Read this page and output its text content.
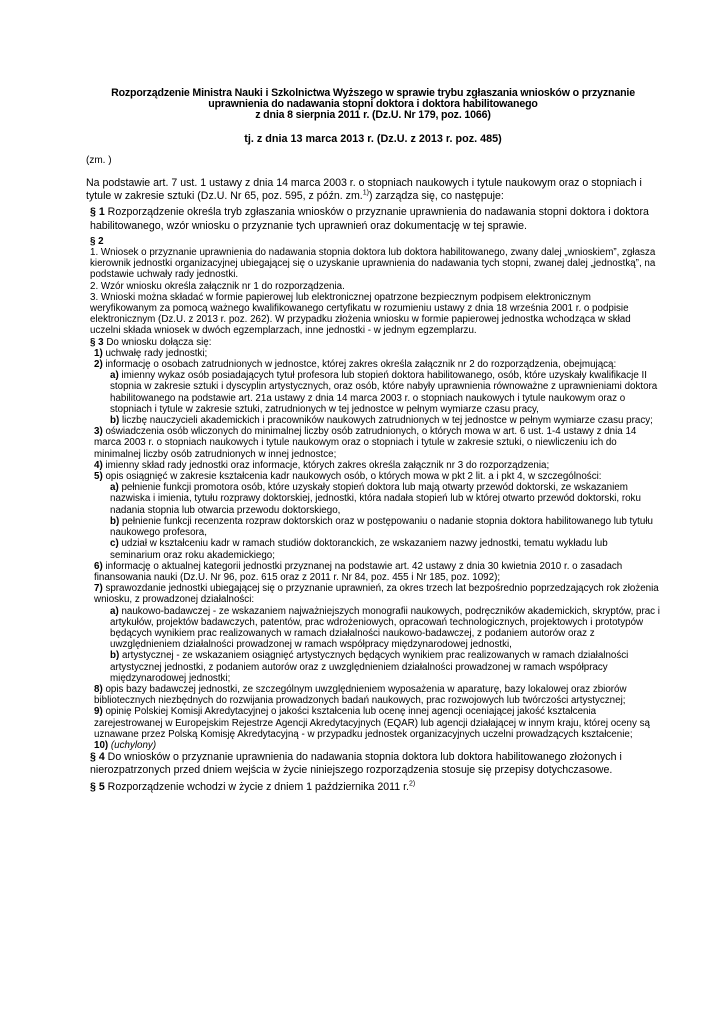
Rozporządzenie Ministra Nauki i Szkolnictwa Wyższego w sprawie trybu zgłaszania wniosków o przyznanie
uprawnienia do nadawania stopni doktora i doktora habilitowanego
z dnia 8 sierpnia 2011 r. (Dz.U. Nr 179, poz. 1066)
tj. z dnia 13 marca 2013 r. (Dz.U. z 2013 r. poz. 485)
(zm. )
Na podstawie art. 7 ust. 1 ustawy z dnia 14 marca 2003 r. o stopniach naukowych i tytule naukowym oraz o stopniach i tytule w zakresie sztuki (Dz.U. Nr 65, poz. 595, z późn. zm.$^{1)}$) zarządza się, co następuje:
§ 1 Rozporządzenie określa tryb zgłaszania wniosków o przyznanie uprawnienia do nadawania stopni doktora i doktora habilitowanego, wzór wniosku o przyznanie tych uprawnień oraz dokumentację w tej sprawie.
§ 2
1. Wniosek o przyznanie uprawnienia do nadawania stopnia doktora lub doktora habilitowanego, zwany dalej „wnioskiem”, zgłasza kierownik jednostki organizacyjnej ubiegającej się o uzyskanie uprawnienia do nadawania tych stopni, zwanej dalej „jednostką”, na podstawie uchwały rady jednostki.
2. Wzór wniosku określa załącznik nr 1 do rozporządzenia.
3. Wnioski można składać w formie papierowej lub elektronicznej opatrzone bezpiecznym podpisem elektronicznym weryfikowanym za pomocą ważnego kwalifikowanego certyfikatu w rozumieniu ustawy z dnia 18 września 2001 r. o podpisie elektronicznym (Dz.U. z 2013 r. poz. 262). W przypadku złożenia wniosku w formie papierowej jednostka wchodząca w skład uczelni składa wniosek w dwóch egzemplarzach, inne jednostki - w jednym egzemplarzu.
§ 3 Do wniosku dołącza się:
1) uchwałę rady jednostki;
2) informację o osobach zatrudnionych w jednostce, której zakres określa załącznik nr 2 do rozporządzenia, obejmującą:
a) imienny wykaz osób posiadających tytuł profesora lub stopień doktora habilitowanego, osób, które uzyskały kwalifikacje II stopnia w zakresie sztuki i dyscyplin artystycznych, oraz osób, które nabyły uprawnienia równoważne z uprawnieniami doktora habilitowanego na podstawie art. 21a ustawy z dnia 14 marca 2003 r. o stopniach naukowych i tytule naukowym oraz o stopniach i tytule w zakresie sztuki, zatrudnionych w tej jednostce w pełnym wymiarze czasu pracy,
b) liczbę nauczycieli akademickich i pracowników naukowych zatrudnionych w tej jednostce w pełnym wymiarze czasu pracy;
3) oświadczenia osób wliczonych do minimalnej liczby osób zatrudnionych, o których mowa w art. 6 ust. 1-4 ustawy z dnia 14 marca 2003 r. o stopniach naukowych i tytule naukowym oraz o stopniach i tytule w zakresie sztuki, o niewliczeniu ich do minimalnej liczby osób zatrudnionych w innej jednostce;
4) imienny skład rady jednostki oraz informacje, których zakres określa załącznik nr 3 do rozporządzenia;
5) opis osiągnięć w zakresie kształcenia kadr naukowych osób, o których mowa w pkt 2 lit. a i pkt 4, w szczególności:
a) pełnienie funkcji promotora osób, które uzyskały stopień doktora lub mają otwarty przewód doktorski, ze wskazaniem nazwiska i imienia, tytułu rozprawy doktorskiej, jednostki, która nadała stopień lub w której otwarto przewód doktorski, roku nadania stopnia lub otwarcia przewodu doktorskiego,
b) pełnienie funkcji recenzenta rozpraw doktorskich oraz w postępowaniu o nadanie stopnia doktora habilitowanego lub tytułu naukowego profesora,
c) udział w kształceniu kadr w ramach studiów doktoranckich, ze wskazaniem nazwy jednostki, tematu wykładu lub seminarium oraz roku akademickiego;
6) informację o aktualnej kategorii jednostki przyznanej na podstawie art. 42 ustawy z dnia 30 kwietnia 2010 r. o zasadach finansowania nauki (Dz.U. Nr 96, poz. 615 oraz z 2011 r. Nr 84, poz. 455 i Nr 185, poz. 1092);
7) sprawozdanie jednostki ubiegającej się o przyznanie uprawnień, za okres trzech lat bezpośrednio poprzedzających rok złożenia wniosku, z prowadzonej działalności:
a) naukowo-badawczej - ze wskazaniem najważniejszych monografii naukowych, podręczników akademickich, skryptów, prac i artykułów, projektów badawczych, patentów, prac wdrożeniowych, opracowań technologicznych, projektowych i prototypów będących wynikiem prac realizowanych w ramach działalności naukowo-badawczej, z podaniem autorów oraz z uwzględnieniem działalności prowadzonej w ramach współpracy międzynarodowej jednostki,
b) artystycznej - ze wskazaniem osiągnięć artystycznych będących wynikiem prac realizowanych w ramach działalności artystycznej jednostki, z podaniem autorów oraz z uwzględnieniem działalności prowadzonej w ramach współpracy międzynarodowej jednostki;
8) opis bazy badawczej jednostki, ze szczególnym uwzględnieniem wyposażenia w aparaturę, bazy lokalowej oraz zbiorów bibliotecznych niezbędnych do rozwijania prowadzonych badań naukowych, prac rozwojowych lub twórczości artystycznej;
9) opinię Polskiej Komisji Akredytacyjnej o jakości kształcenia lub ocenę innej agencji oceniającej jakość kształcenia zarejestrowanej w Europejskim Rejestrze Agencji Akredytacyjnych (EQAR) lub agencji działającej w innym kraju, której oceny są uznawane przez Polską Komisję Akredytacyjną - w przypadku jednostek organizacyjnych uczelni prowadzących kształcenie;
10) (uchylony)
§ 4 Do wniosków o przyznanie uprawnienia do nadawania stopnia doktora lub doktora habilitowanego złożonych i nierozpatrzonych przed dniem wejścia w życie niniejszego rozporządzenia stosuje się przepisy dotychczasowe.
§ 5 Rozporządzenie wchodzi w życie z dniem 1 października 2011 r.$^{2)}$
